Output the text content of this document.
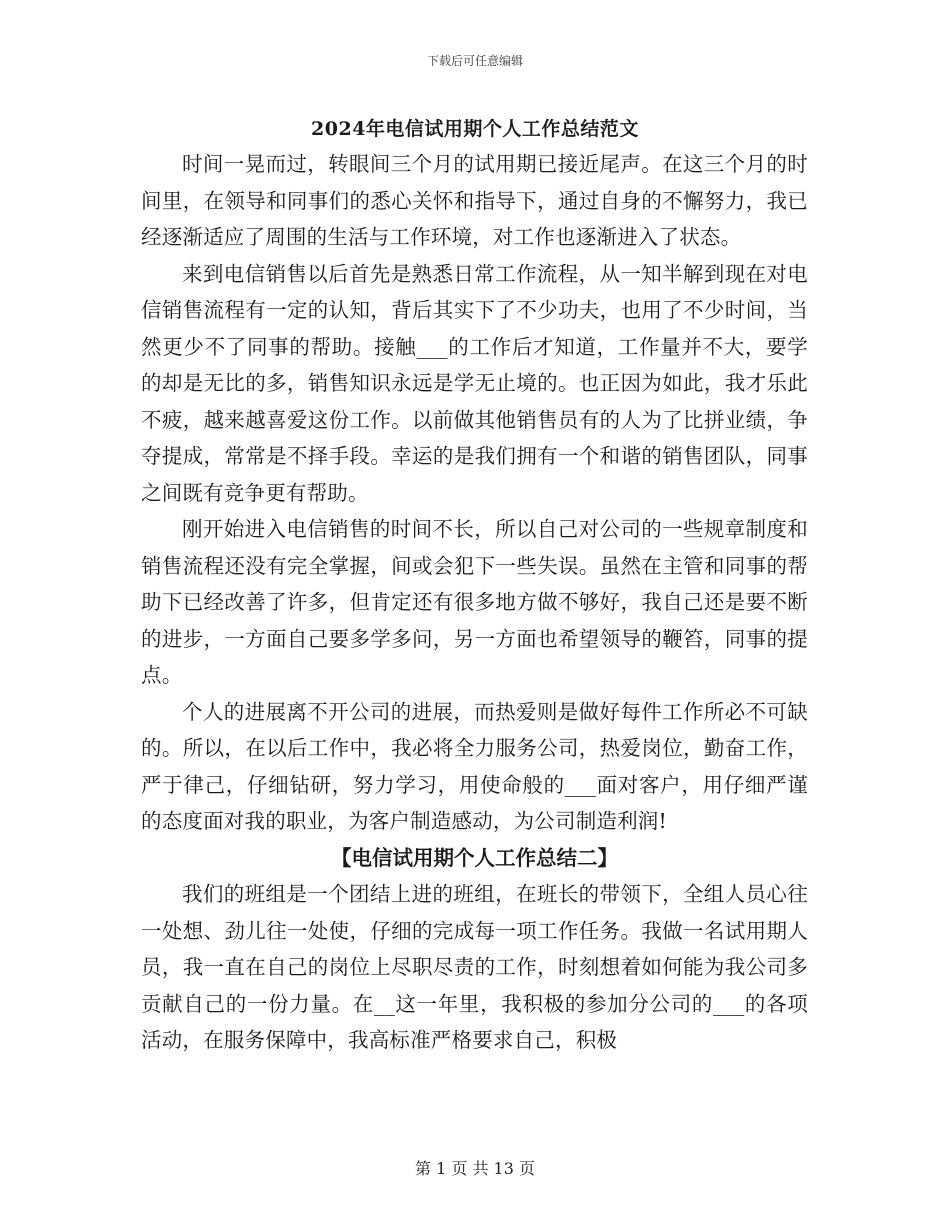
下载后可任意编辑
2024年电信试用期个人工作总结范文

时间一晃而过，转眼间三个月的试用期已接近尾声。在这三个月的时间里，在领导和同事们的悉心关怀和指导下，通过自身的不懈努力，我已经逐渐适应了周围的生活与工作环境，对工作也逐渐进入了状态。

来到电信销售以后首先是熟悉日常工作流程，从一知半解到现在对电信销售流程有一定的认知，背后其实下了不少功夫，也用了不少时间，当然更少不了同事的帮助。接触___的工作后才知道，工作量并不大，要学的却是无比的多，销售知识永远是学无止境的。也正因为如此，我才乐此不疲，越来越喜爱这份工作。以前做其他销售员有的人为了比拼业绩，争夺提成，常常是不择手段。幸运的是我们拥有一个和谐的销售团队，同事之间既有竞争更有帮助。

刚开始进入电信销售的时间不长，所以自己对公司的一些规章制度和销售流程还没有完全掌握，间或会犯下一些失误。虽然在主管和同事的帮助下已经改善了许多，但肯定还有很多地方做不够好，我自己还是要不断的进步，一方面自己要多学多问，另一方面也希望领导的鞭笞，同事的提点。

个人的进展离不开公司的进展，而热爱则是做好每件工作所必不可缺的。所以，在以后工作中，我必将全力服务公司，热爱岗位，勤奋工作，严于律己，仔细钻研，努力学习，用使命般的___面对客户，用仔细严谨的态度面对我的职业，为客户制造感动，为公司制造利润!

【电信试用期个人工作总结二】

我们的班组是一个团结上进的班组，在班长的带领下，全组人员心往一处想、劲儿往一处使，仔细的完成每一项工作任务。我做一名试用期人员，我一直在自己的岗位上尽职尽责的工作，时刻想着如何能为我公司多贡献自己的一份力量。在__这一年里，我积极的参加分公司的___的各项活动，在服务保障中，我高标准严格要求自己，积极

第 1 页 共 13 页
